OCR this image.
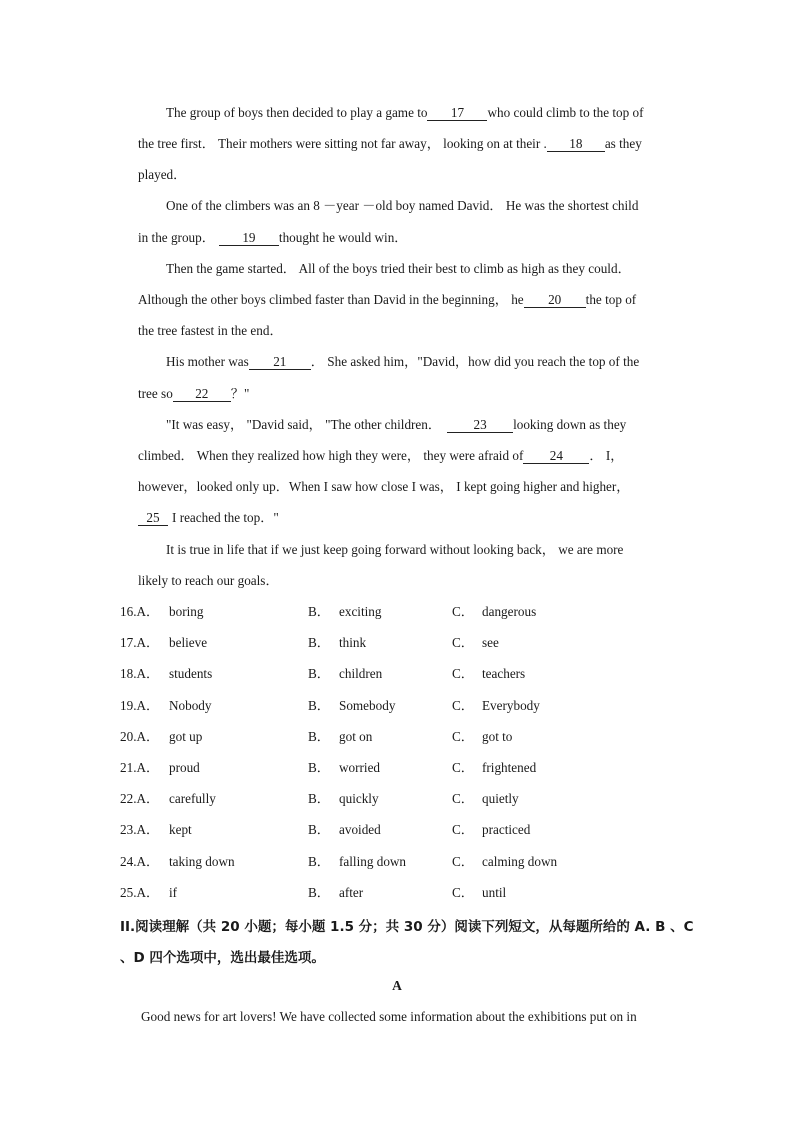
The group of boys then decided to play a game to 17 who could climb to the top of
the tree first． Their mothers were sitting not far away， looking on at their . 18 as they
played．
One of the climbers was an 8 －year －old boy named David． He was the shortest child
in the group． 19 thought he would win．
Then the game started． All of the boys tried their best to climb as high as they could．
Although the other boys climbed faster than David in the beginning， he 20 the top of
the tree fastest in the end．
His mother was 21 ． She asked him，"David，how did you reach the top of the
tree so 22 ？"
"It was easy， "David said， "The other children． 23 looking down as they
climbed． When they realized how high they were， they were afraid of 24 ． I，
however，looked only up．When I saw how close I was， I kept going higher and higher，
25 I reached the top．"
It is true in life that if we just keep going forward without looking back， we are more
likely to reach our goals．
16.A． boring	B． exciting	C． dangerous
17.A． believe	B． think	C． see
18.A． students	B． children	C． teachers
19.A． Nobody	B． Somebody	C． Everybody
20.A． got up	B． got on	C． got to
21.A． proud	B． worried	C． frightened
22.A． carefully	B． quickly	C． quietly
23.A． kept	B． avoided	C． practiced
24.A． taking down	B． falling down	C． calming down
25.A． if	B． after	C． until
II.阅读理解（共 20 小题；每小题 1.5 分；共 30 分）阅读下列短文，从每题所给的 A. B 、C
、D 四个选项中，选出最佳选项。
A
Good news for art lovers! We have collected some information about the exhibitions put on in
